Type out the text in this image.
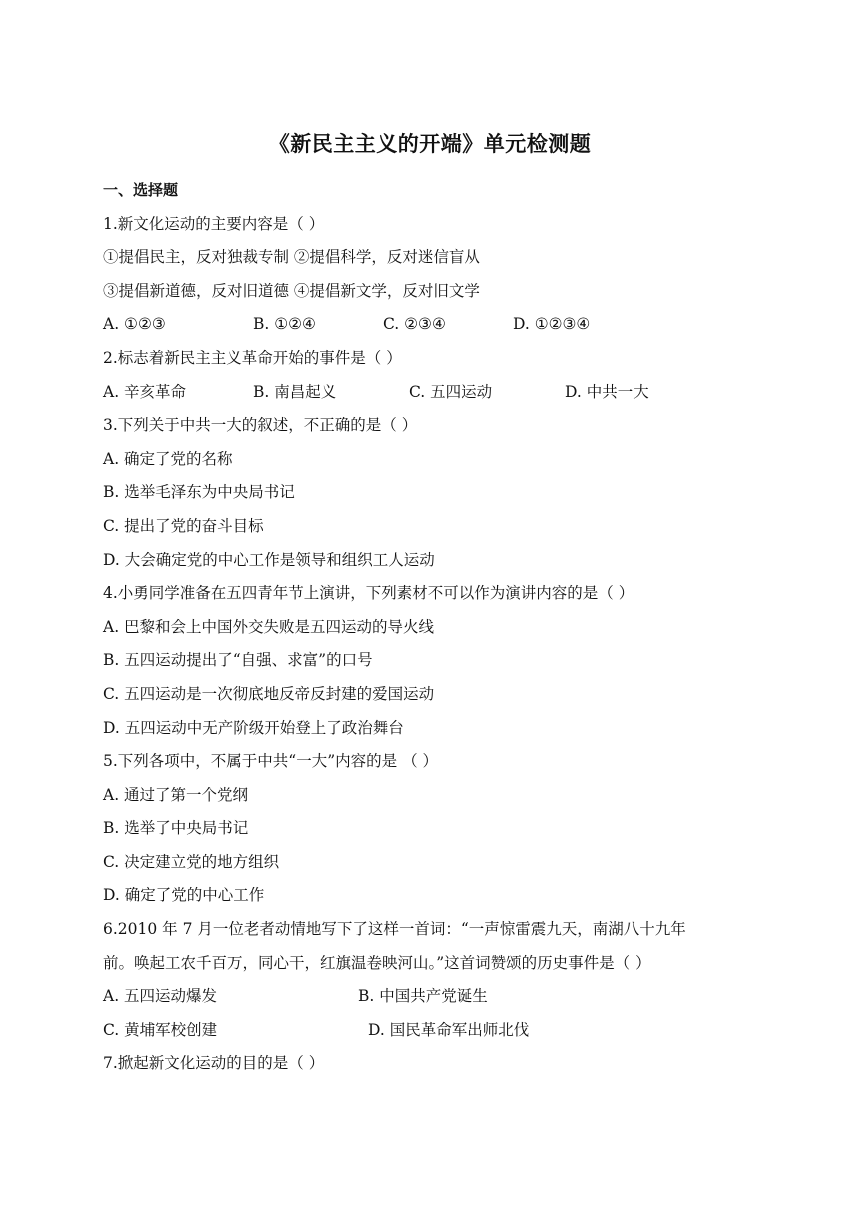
《新民主主义的开端》单元检测题
一、选择题
1.新文化运动的主要内容是（ ）
①提倡民主，反对独裁专制 ②提倡科学，反对迷信盲从
③提倡新道德，反对旧道德 ④提倡新文学，反对旧文学
A. ①②③	B. ①②④	C. ②③④	D. ①②③④
2.标志着新民主主义革命开始的事件是（ ）
A. 辛亥革命	B. 南昌起义	C. 五四运动	D. 中共一大
3.下列关于中共一大的叙述，不正确的是（ ）
A. 确定了党的名称
B. 选举毛泽东为中央局书记
C. 提出了党的奋斗目标
D. 大会确定党的中心工作是领导和组织工人运动
4.小勇同学准备在五四青年节上演讲，下列素材不可以作为演讲内容的是（ ）
A. 巴黎和会上中国外交失败是五四运动的导火线
B. 五四运动提出了“自强、求富”的口号
C. 五四运动是一次彻底地反帝反封建的爱国运动
D. 五四运动中无产阶级开始登上了政治舞台
5.下列各项中，不属于中共“一大”内容的是 （ ）
A. 通过了第一个党纲
B. 选举了中央局书记
C. 决定建立党的地方组织
D. 确定了党的中心工作
6.2010 年 7 月一位老者动情地写下了这样一首词：“一声惊雷震九天，南湖八十九年
前。唤起工农千百万，同心干，红旗温卷映河山。”这首词赞颂的历史事件是（ ）
A. 五四运动爆发	B. 中国共产党诞生
C. 黄埔军校创建	D. 国民革命军出师北伐
7.掀起新文化运动的目的是（ ）
